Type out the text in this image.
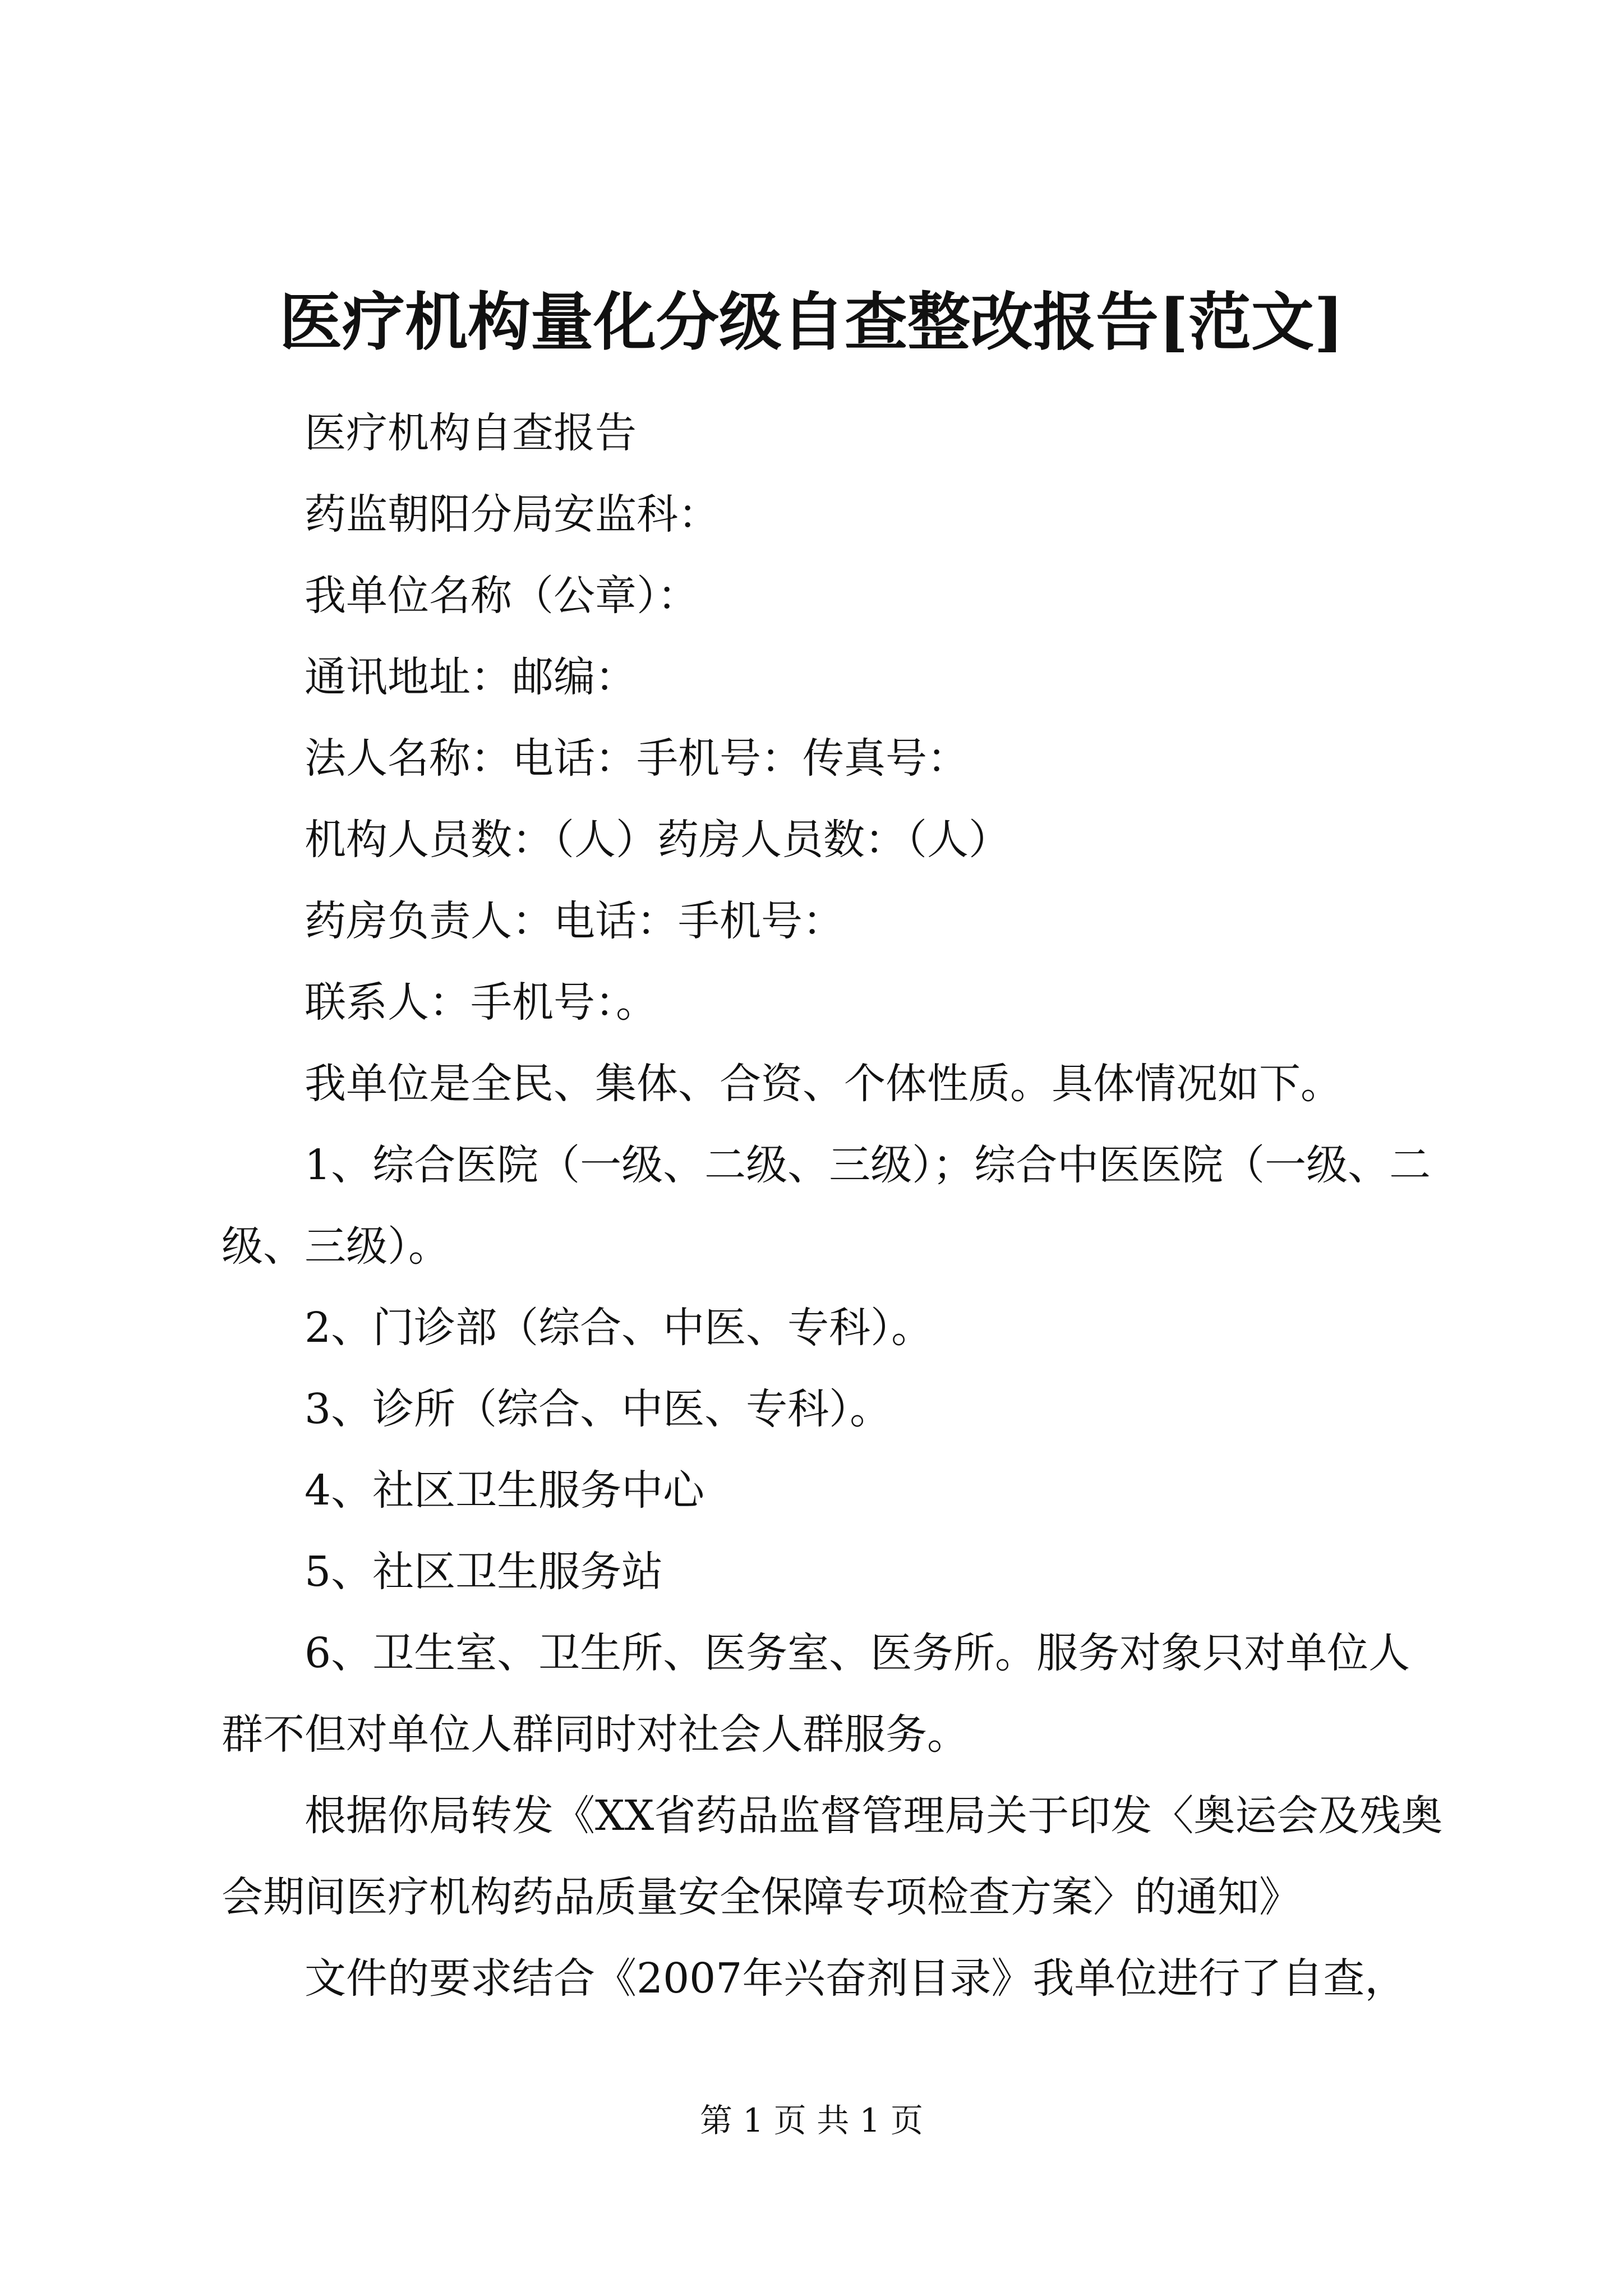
医疗机构量化分级自查整改报告[范文]

医疗机构自查报告

药监朝阳分局安监科：

我单位名称（公章）：

通讯地址：邮编：

法人名称：电话：手机号：传真号：

机构人员数：（人）药房人员数：（人）

药房负责人：电话：手机号：

联系人：手机号：。

我单位是全民、集体、合资、个体性质。具体情况如下。

1、综合医院（一级、二级、三级）；综合中医医院（一级、二级、三级）。

2、门诊部（综合、中医、专科）。

3、诊所（综合、中医、专科）。

4、社区卫生服务中心

5、社区卫生服务站

6、卫生室、卫生所、医务室、医务所。服务对象只对单位人群不但对单位人群同时对社会人群服务。

根据你局转发《XX省药品监督管理局关于印发〈奥运会及残奥会期间医疗机构药品质量安全保障专项检查方案〉的通知》

文件的要求结合《2007年兴奋剂目录》我单位进行了自查，

第 1 页 共 1 页
